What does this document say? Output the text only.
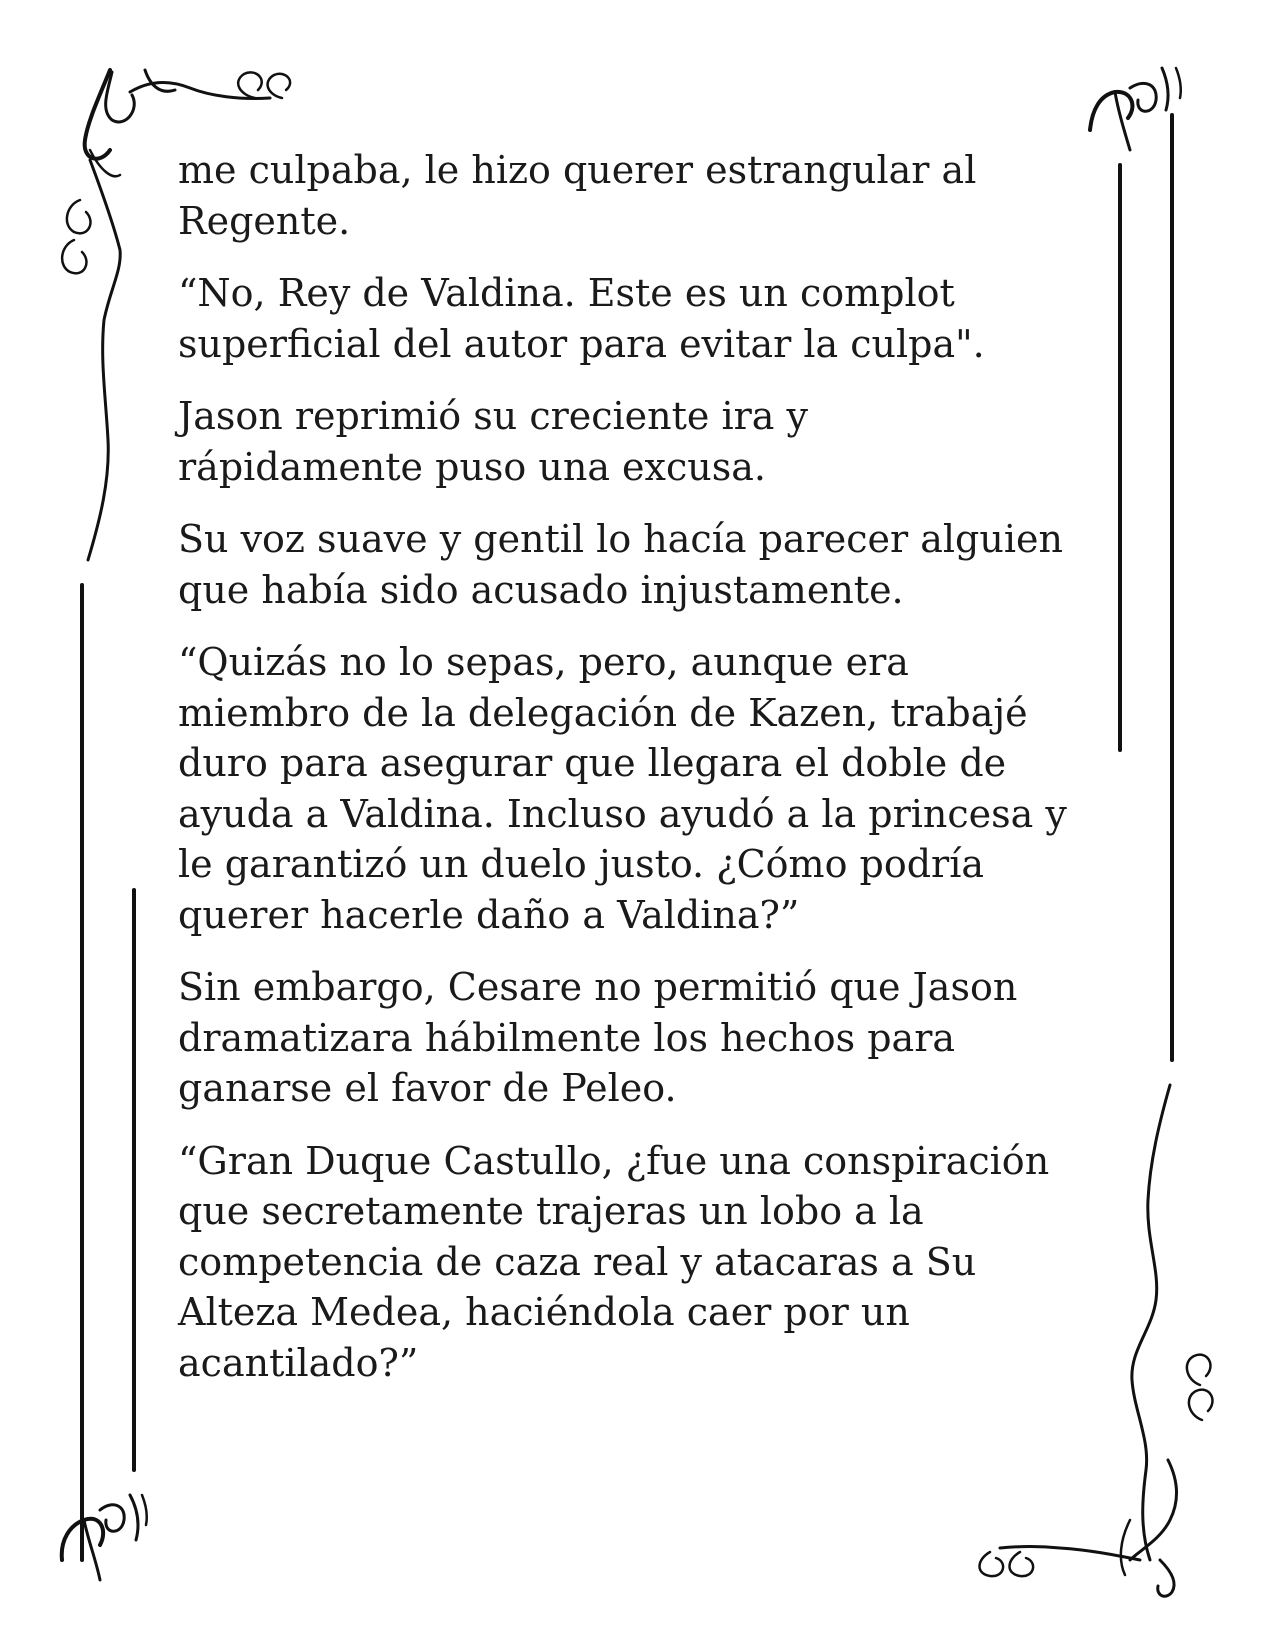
me culpaba, le hizo querer estrangular al
Regente.

“No, Rey de Valdina. Este es un complot
superficial del autor para evitar la culpa".

Jason reprimió su creciente ira y
rápidamente puso una excusa.

Su voz suave y gentil lo hacía parecer alguien
que había sido acusado injustamente.

“Quizás no lo sepas, pero, aunque era
miembro de la delegación de Kazen, trabajé
duro para asegurar que llegara el doble de
ayuda a Valdina. Incluso ayudó a la princesa y
le garantizó un duelo justo. ¿Cómo podría
querer hacerle daño a Valdina?”

Sin embargo, Cesare no permitió que Jason
dramatizara hábilmente los hechos para
ganarse el favor de Peleo.

“Gran Duque Castullo, ¿fue una conspiración
que secretamente trajeras un lobo a la
competencia de caza real y atacaras a Su
Alteza Medea, haciéndola caer por un
acantilado?”
